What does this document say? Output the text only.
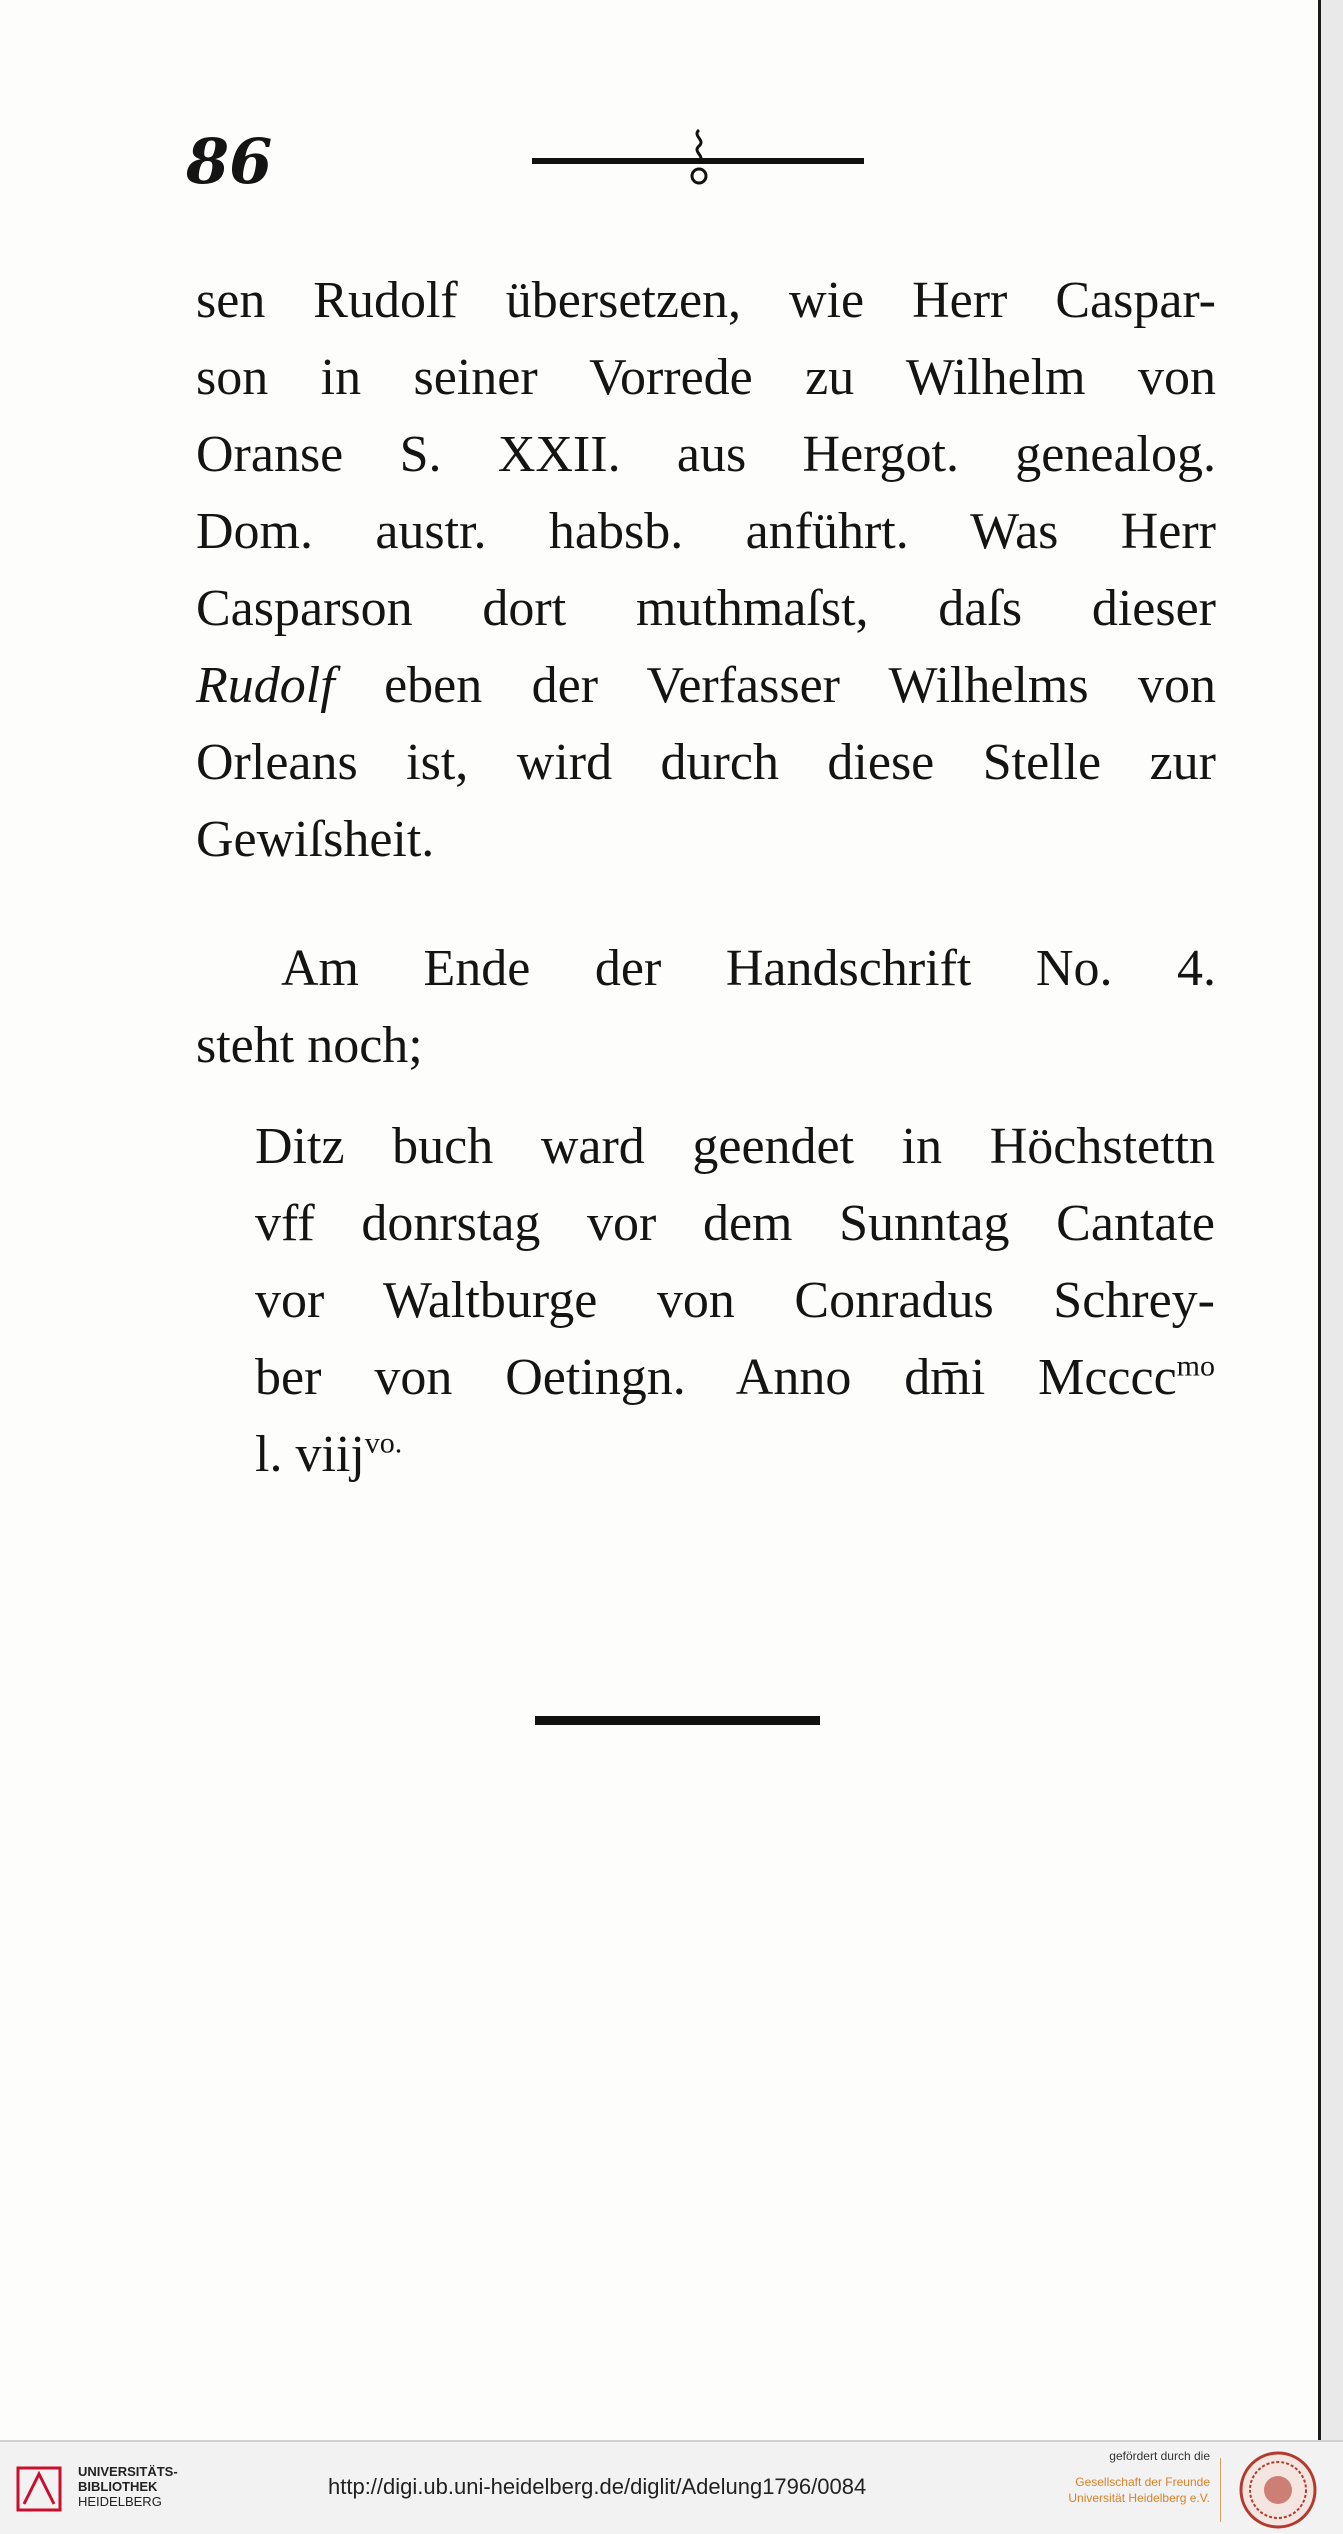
86
sen Rudolf übersetzen, wie Herr Caspar-
son in seiner Vorrede zu Wilhelm von
Oranse S. XXII. aus Hergot. genealog.
Dom. austr. habsb. anführt. Was Herr
Casparson dort muthmaſst, daſs dieser
Rudolf eben der Verfasser Wilhelms von
Orleans ist, wird durch diese Stelle zur
Gewiſsheit.
Am Ende der Handschrift No. 4.
steht noch;
Ditz buch ward geendet in Höchstettn
vff donrstag vor dem Sunntag Cantate
vor Waltburge von Conradus Schrey-
ber von Oetingn. Anno dm̄i Mcccc$^{mo}$
l. viij$^{vo.}$
UNIVERSITÄTS-
BIBLIOTHEK
HEIDELBERG
http://digi.ub.uni-heidelberg.de/diglit/Adelung1796/0084
gefördert durch die
Gesellschaft der Freunde
Universität Heidelberg e.V.
